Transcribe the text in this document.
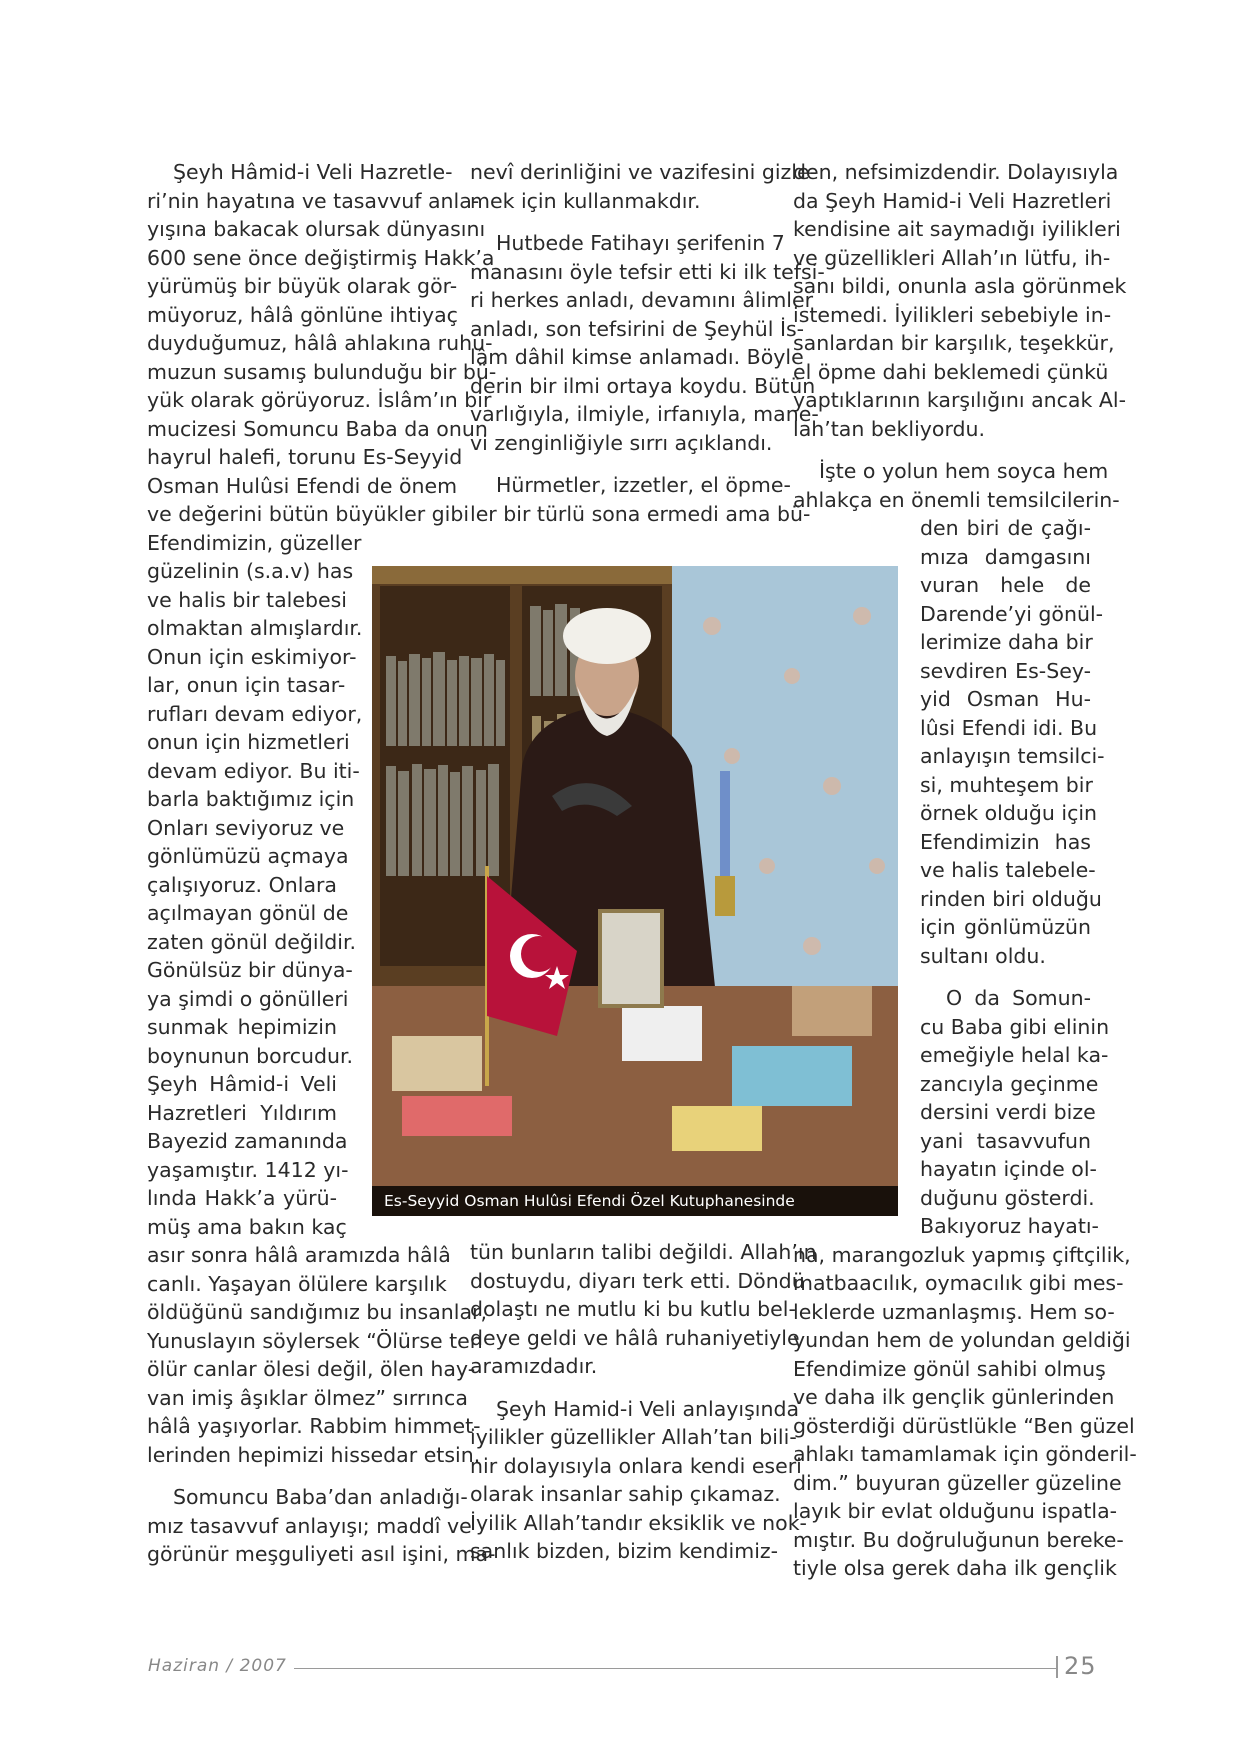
Şeyh Hâmid-i Veli Hazretle-
ri’nin hayatına ve tasavvuf anla-
yışına bakacak olursak dünyasını
600 sene önce değiştirmiş Hakk’a
yürümüş bir büyük olarak gör-
müyoruz, hâlâ gönlüne ihtiyaç
duyduğumuz, hâlâ ahlakına ruhu-
muzun susamış bulunduğu bir bü-
yük olarak görüyoruz. İslâm’ın bir
mucizesi Somuncu Baba da onun
hayrul halefi, torunu Es-Seyyid
Osman Hulûsi Efendi de önem
ve değerini bütün büyükler gibi
Efendimizin, güzeller
güzelinin (s.a.v) has
ve halis bir talebesi
olmaktan almışlardır.
Onun için eskimiyor-
lar, onun için tasar-
rufları devam ediyor,
onun için hizmetleri
devam ediyor. Bu iti-
barla baktığımız için
Onları seviyoruz ve
gönlümüzü açmaya
çalışıyoruz. Onlara
açılmayan gönül de
zaten gönül değildir.
Gönülsüz bir dünya-
ya şimdi o gönülleri
sunmak hepimizin
boynunun borcudur.
Şeyh Hâmid-i Veli
Hazretleri Yıldırım
Bayezid zamanında
yaşamıştır. 1412 yı-
lında Hakk’a yürü-
müş ama bakın kaç
asır sonra hâlâ aramızda hâlâ
canlı. Yaşayan ölülere karşılık
öldüğünü sandığımız bu insanlar,
Yunuslayın söylersek “Ölürse ten
ölür canlar ölesi değil, ölen hay-
van imiş âşıklar ölmez” sırrınca
hâlâ yaşıyorlar. Rabbim himmet-
lerinden hepimizi hissedar etsin.
Somuncu Baba’dan anladığı-
mız tasavvuf anlayışı; maddî ve
görünür meşguliyeti asıl işini, ma-
nevî derinliğini ve vazifesini gizle-
mek için kullanmakdır.
Hutbede Fatihayı şerifenin 7
manasını öyle tefsir etti ki ilk tefsi-
ri herkes anladı, devamını âlimler
anladı, son tefsirini de Şeyhül İs-
lâm dâhil kimse anlamadı. Böyle
derin bir ilmi ortaya koydu. Bütün
varlığıyla, ilmiyle, irfanıyla, mane-
vi zenginliğiyle sırrı açıklandı.
Hürmetler, izzetler, el öpme-
ler bir türlü sona ermedi ama bü-
tün bunların talibi değildi. Allah’ın
dostuydu, diyarı terk etti. Döndü
dolaştı ne mutlu ki bu kutlu bel-
deye geldi ve hâlâ ruhaniyetiyle
aramızdadır.
Şeyh Hamid-i Veli anlayışında
iyilikler güzellikler Allah’tan bili-
nir dolayısıyla onlara kendi eseri
olarak insanlar sahip çıkamaz.
İyilik Allah’tandır eksiklik ve nok-
sanlık bizden, bizim kendimiz-
den, nefsimizdendir. Dolayısıyla
da Şeyh Hamid-i Veli Hazretleri
kendisine ait saymadığı iyilikleri
ve güzellikleri Allah’ın lütfu, ih-
sanı bildi, onunla asla görünmek
istemedi. İyilikleri sebebiyle in-
sanlardan bir karşılık, teşekkür,
el öpme dahi beklemedi çünkü
yaptıklarının karşılığını ancak Al-
lah’tan bekliyordu.
İşte o yolun hem soyca hem
ahlakça en önemli temsilcilerin-
den biri de çağı-
mıza damgasını
vuran hele de
Darende’yi gönül-
lerimize daha bir
sevdiren Es-Sey-
yid Osman Hu-
lûsi Efendi idi. Bu
anlayışın temsilci-
si, muhteşem bir
örnek olduğu için
Efendimizin has
ve halis talebele-
rinden biri olduğu
için gönlümüzün
sultanı oldu.
O da Somun-
cu Baba gibi elinin
emeğiyle helal ka-
zancıyla geçinme
dersini verdi bize
yani tasavvufun
hayatın içinde ol-
duğunu gösterdi.
Bakıyoruz hayatı-
na, marangozluk yapmış çiftçilik,
matbaacılık, oymacılık gibi mes-
leklerde uzmanlaşmış. Hem so-
yundan hem de yolundan geldiği
Efendimize gönül sahibi olmuş
ve daha ilk gençlik günlerinden
gösterdiği dürüstlükle “Ben güzel
ahlakı tamamlamak için gönderil-
dim.” buyuran güzeller güzeline
layık bir evlat olduğunu ispatla-
mıştır. Bu doğruluğunun bereke-
tiyle olsa gerek daha ilk gençlik
Es-Seyyid Osman Hulûsi Efendi Özel Kutuphanesinde
Haziran / 2007	25
